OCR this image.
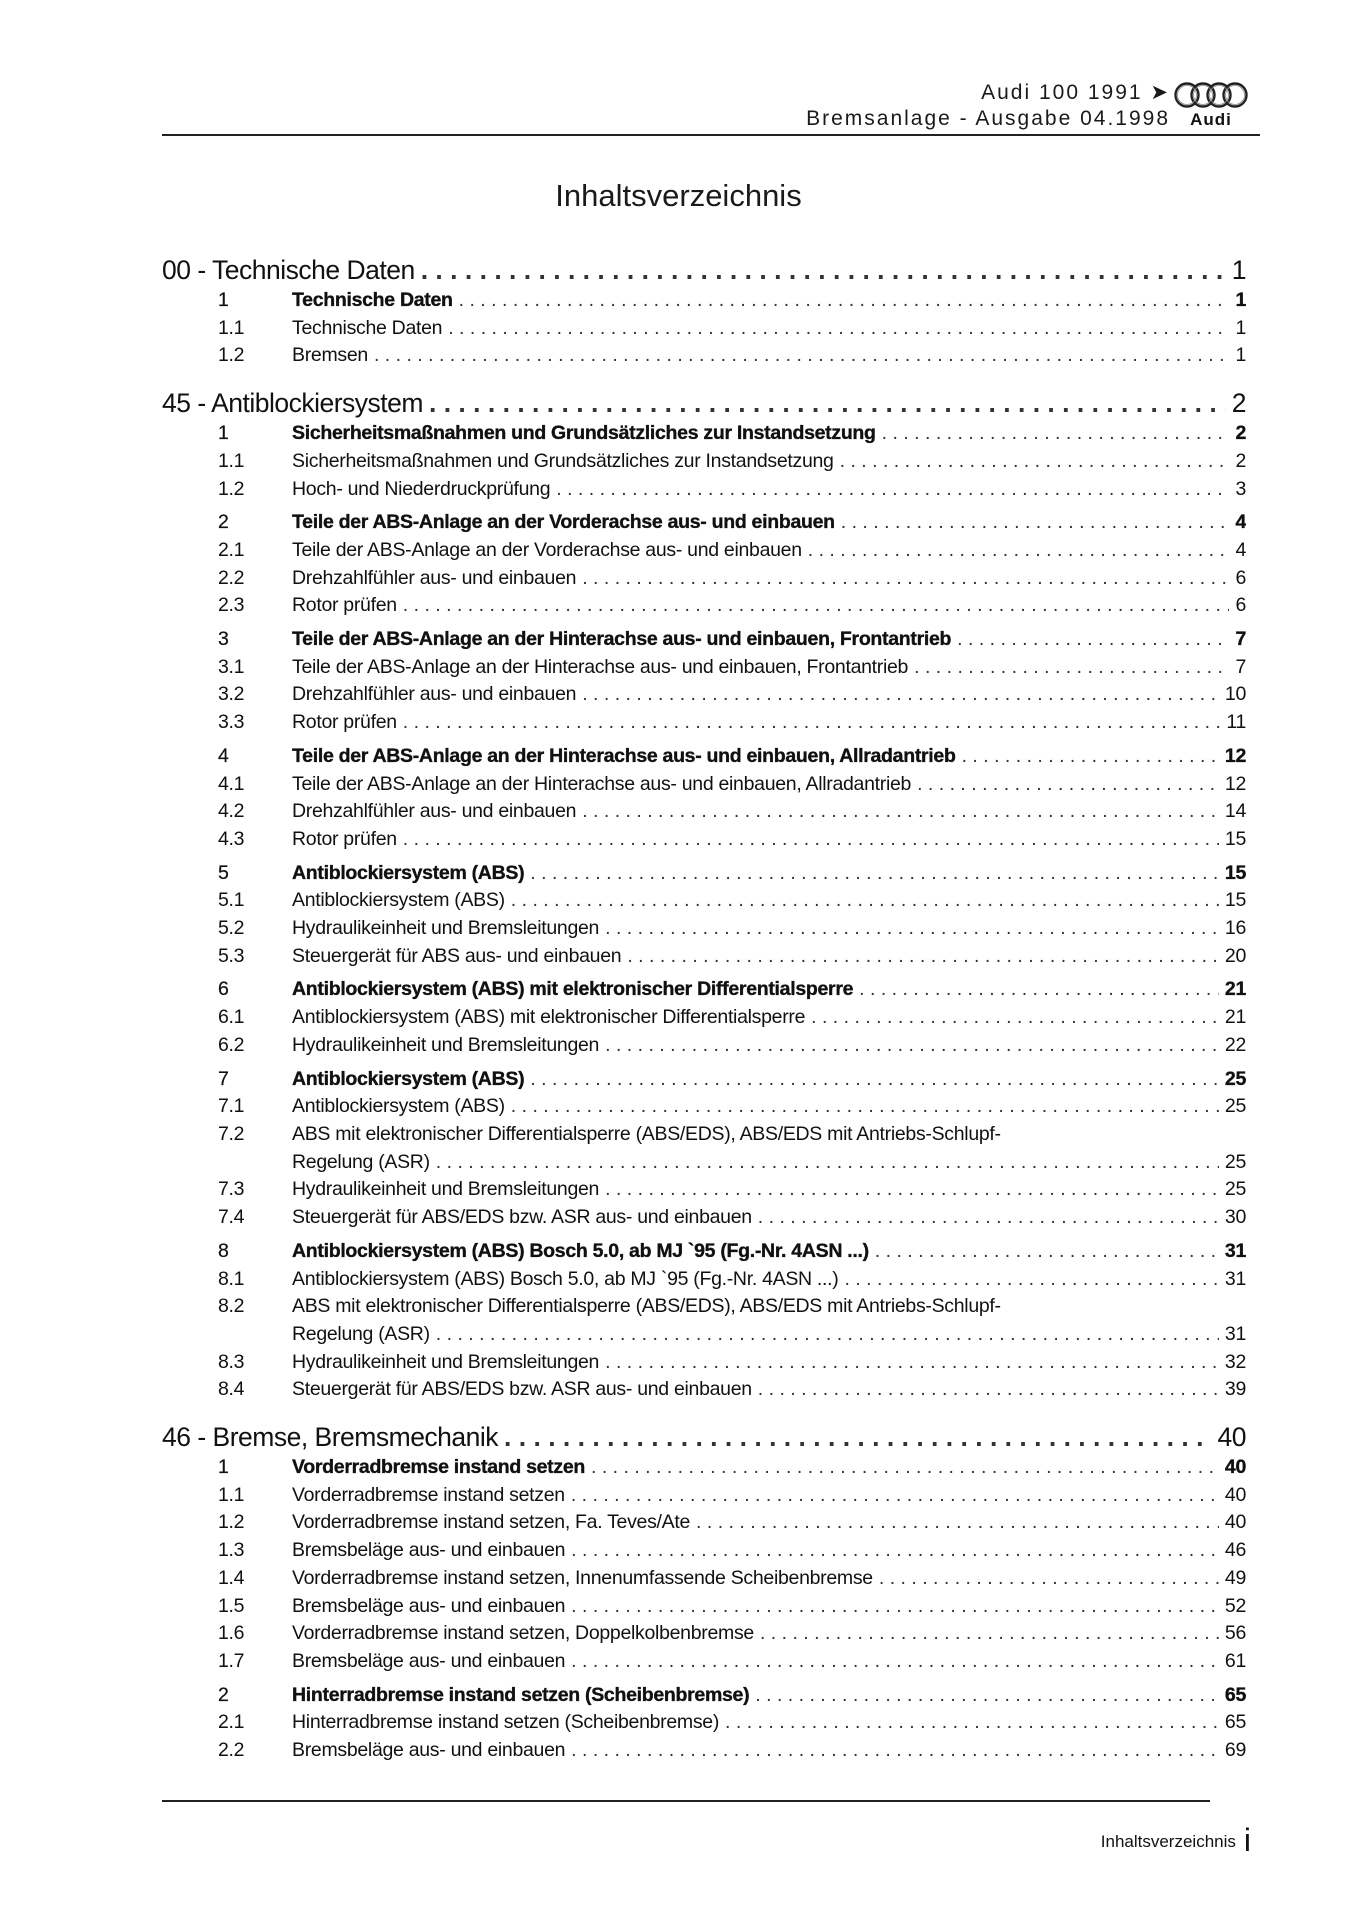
Audi 100 1991 ➤
Bremsanlage - Ausgabe 04.1998	Audi
Inhaltsverzeichnis
00 - Technische Daten . . .	1
1	Technische Daten . . .	1
1.1	Technische Daten . . .	1
1.2	Bremsen . . .	1
45 - Antiblockiersystem . . .	2
1	Sicherheitsmaßnahmen und Grundsätzliches zur Instandsetzung . . .	2
1.1	Sicherheitsmaßnahmen und Grundsätzliches zur Instandsetzung . . .	2
1.2	Hoch- und Niederdruckprüfung . . .	3
2	Teile der ABS-Anlage an der Vorderachse aus- und einbauen . . .	4
2.1	Teile der ABS-Anlage an der Vorderachse aus- und einbauen . . .	4
2.2	Drehzahlfühler aus- und einbauen . . .	6
2.3	Rotor prüfen . . .	6
3	Teile der ABS-Anlage an der Hinterachse aus- und einbauen, Frontantrieb . . .	7
3.1	Teile der ABS-Anlage an der Hinterachse aus- und einbauen, Frontantrieb . . .	7
3.2	Drehzahlfühler aus- und einbauen . . .	10
3.3	Rotor prüfen . . .	11
4	Teile der ABS-Anlage an der Hinterachse aus- und einbauen, Allradantrieb . . .	12
4.1	Teile der ABS-Anlage an der Hinterachse aus- und einbauen, Allradantrieb . . .	12
4.2	Drehzahlfühler aus- und einbauen . . .	14
4.3	Rotor prüfen . . .	15
5	Antiblockiersystem (ABS) . . .	15
5.1	Antiblockiersystem (ABS) . . .	15
5.2	Hydraulikeinheit und Bremsleitungen . . .	16
5.3	Steuergerät für ABS aus- und einbauen . . .	20
6	Antiblockiersystem (ABS) mit elektronischer Differentialsperre . . .	21
6.1	Antiblockiersystem (ABS) mit elektronischer Differentialsperre . . .	21
6.2	Hydraulikeinheit und Bremsleitungen . . .	22
7	Antiblockiersystem (ABS) . . .	25
7.1	Antiblockiersystem (ABS) . . .	25
7.2	ABS mit elektronischer Differentialsperre (ABS/EDS), ABS/EDS mit Antriebs-Schlupf-
Regelung (ASR) . . .	25
7.3	Hydraulikeinheit und Bremsleitungen . . .	25
7.4	Steuergerät für ABS/EDS bzw. ASR aus- und einbauen . . .	30
8	Antiblockiersystem (ABS) Bosch 5.0, ab MJ `95 (Fg.-Nr. 4ASN ...) . . .	31
8.1	Antiblockiersystem (ABS) Bosch 5.0, ab MJ `95 (Fg.-Nr. 4ASN ...) . . .	31
8.2	ABS mit elektronischer Differentialsperre (ABS/EDS), ABS/EDS mit Antriebs-Schlupf-
Regelung (ASR) . . .	31
8.3	Hydraulikeinheit und Bremsleitungen . . .	32
8.4	Steuergerät für ABS/EDS bzw. ASR aus- und einbauen . . .	39
46 - Bremse, Bremsmechanik . . .	40
1	Vorderradbremse instand setzen . . .	40
1.1	Vorderradbremse instand setzen . . .	40
1.2	Vorderradbremse instand setzen, Fa. Teves/Ate . . .	40
1.3	Bremsbeläge aus- und einbauen . . .	46
1.4	Vorderradbremse instand setzen, Innenumfassende Scheibenbremse . . .	49
1.5	Bremsbeläge aus- und einbauen . . .	52
1.6	Vorderradbremse instand setzen, Doppelkolbenbremse . . .	56
1.7	Bremsbeläge aus- und einbauen . . .	61
2	Hinterradbremse instand setzen (Scheibenbremse) . . .	65
2.1	Hinterradbremse instand setzen (Scheibenbremse) . . .	65
2.2	Bremsbeläge aus- und einbauen . . .	69
Inhaltsverzeichnis i
